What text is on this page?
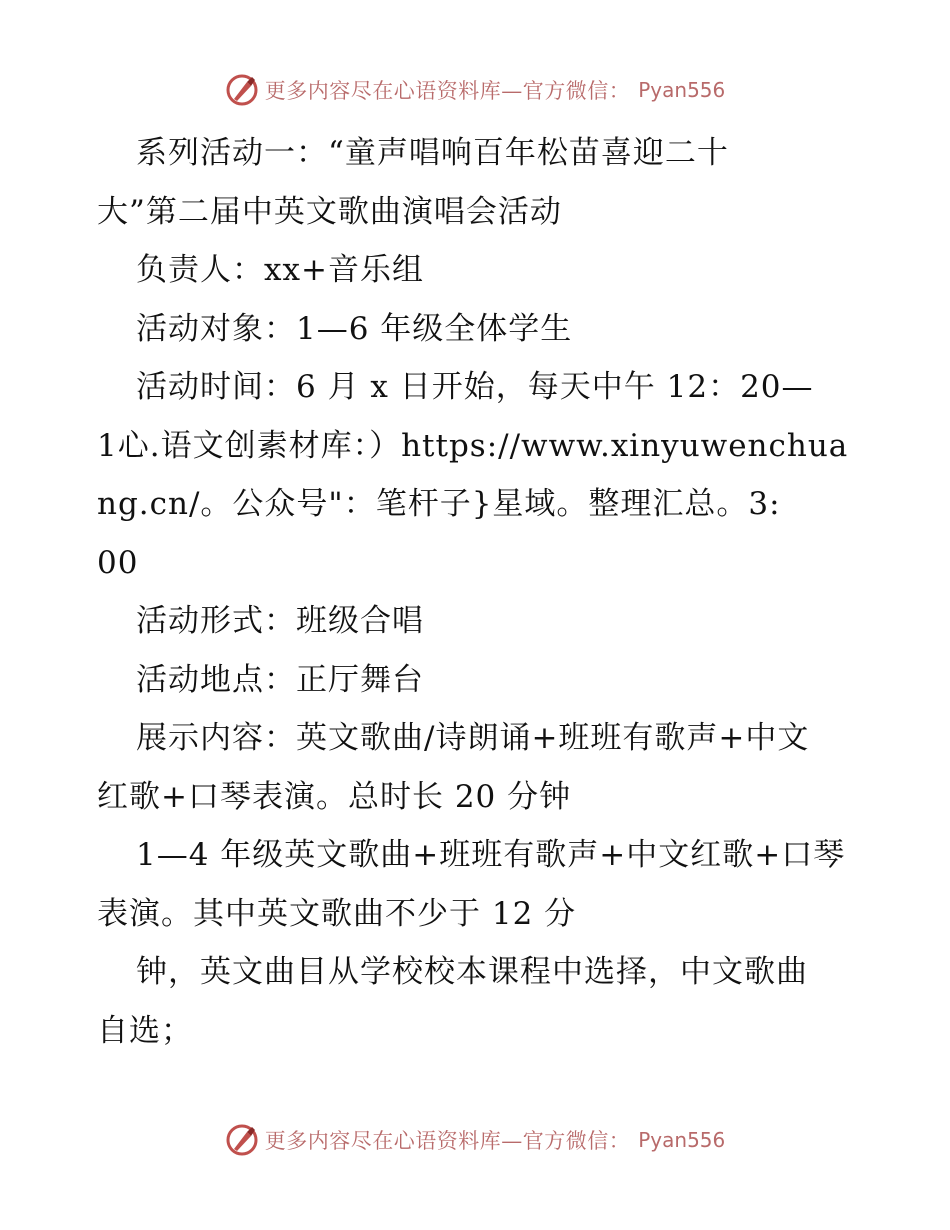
更多内容尽在心语资料库—官方微信： Pyan556
系列活动一：“童声唱响百年松苗喜迎二十
大”第二届中英文歌曲演唱会活动
负责人：xx+音乐组
活动对象：1—6 年级全体学生
活动时间：6 月 x 日开始，每天中午 12：20—
1心.语文创素材库：）https://www.xinyuwenchua
ng.cn/。公众号"：笔杆子}星域。整理汇总。3:
00
活动形式：班级合唱
活动地点：正厅舞台
展示内容：英文歌曲/诗朗诵+班班有歌声+中文
红歌+口琴表演。总时长 20 分钟
1—4 年级英文歌曲+班班有歌声+中文红歌+口琴
表演。其中英文歌曲不少于 12 分
钟，英文曲目从学校校本课程中选择，中文歌曲
自选；
更多内容尽在心语资料库—官方微信： Pyan556
